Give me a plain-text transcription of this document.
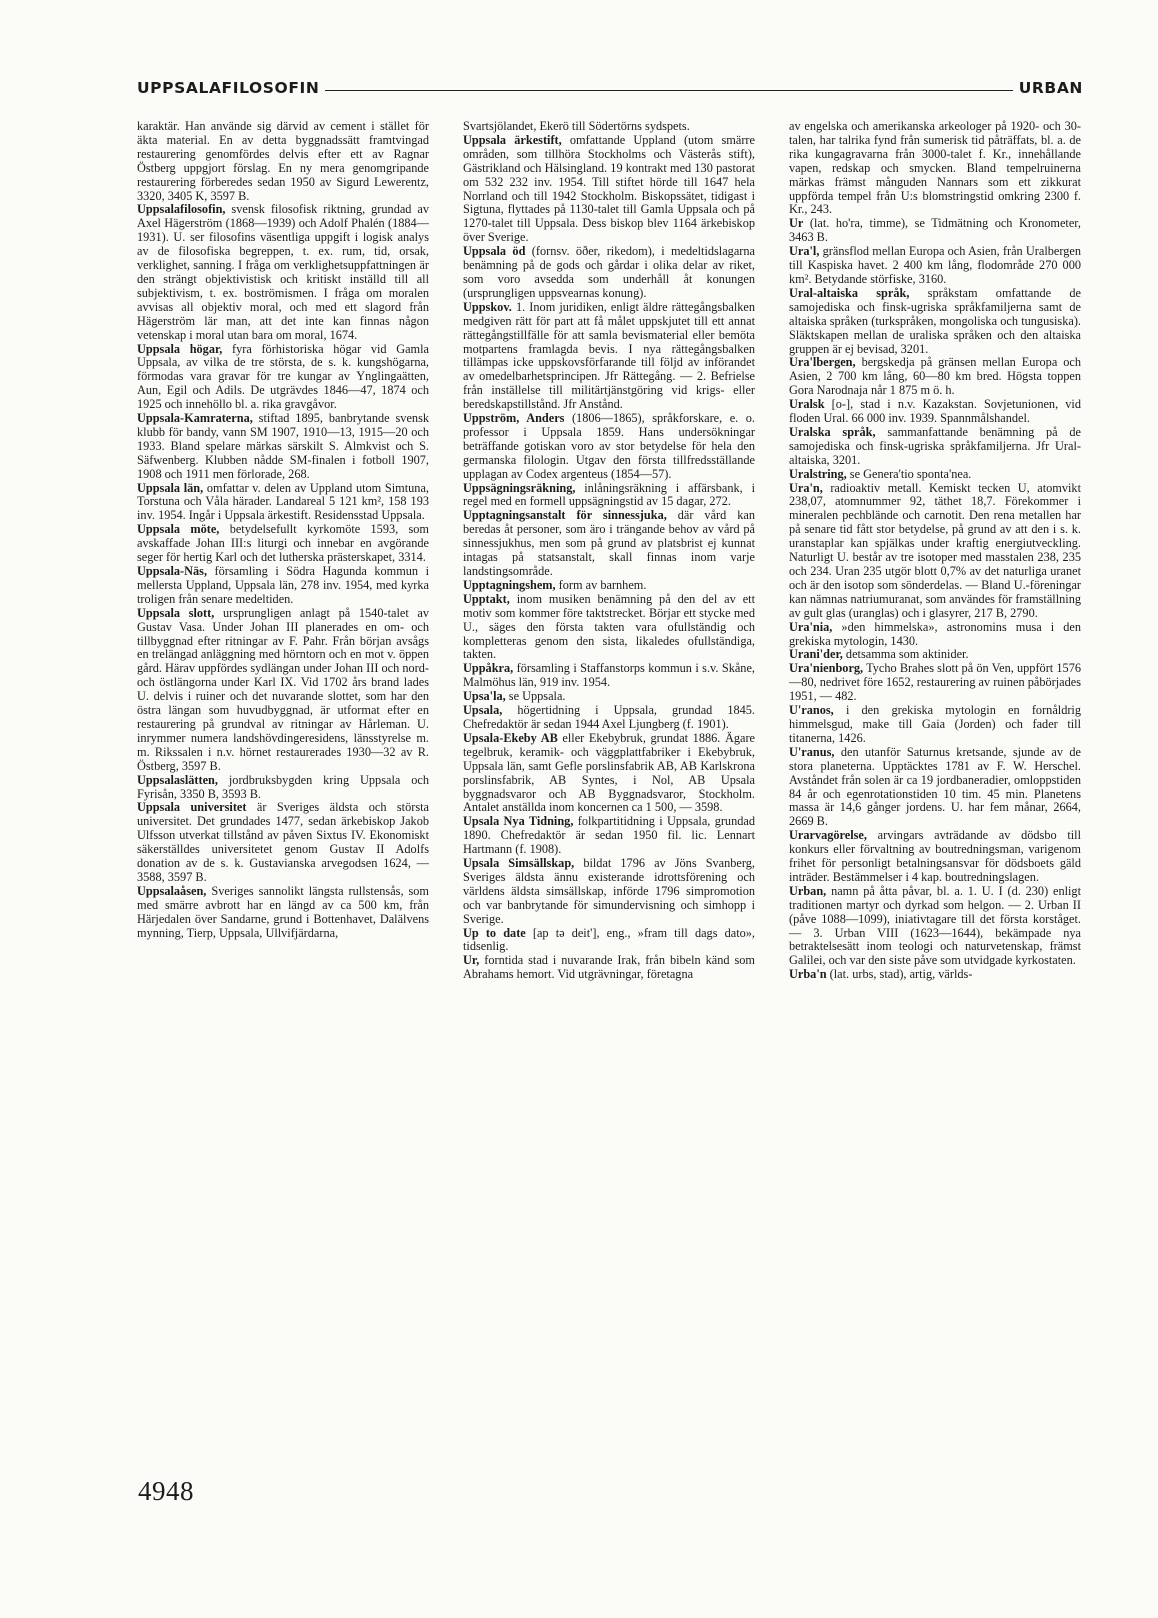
UPPSALAFILOSOFIN	URBAN

karaktär. Han använde sig därvid av cement i stället för äkta material. En av detta byggnadssätt framtvingad restaurering genomfördes delvis efter ett av Ragnar Östberg uppgjort förslag. En ny mera genomgripande restaurering förberedes sedan 1950 av Sigurd Lewerentz, 3320, 3405 K, 3597 B.

Uppsalafilosofin, svensk filosofisk riktning, grundad av Axel Hägerström (1868—1939) och Adolf Phalén (1884—1931). U. ser filosofins väsentliga uppgift i logisk analys av de filosofiska begreppen, t. ex. rum, tid, orsak, verklighet, sanning. I fråga om verklighetsuppfattningen är den strängt objektivistisk och kritiskt inställd till all subjektivism, t. ex. boströmismen. I fråga om moralen avvisas all objektiv moral, och med ett slagord från Hägerström lär man, att det inte kan finnas någon vetenskap i moral utan bara om moral, 1674.

Uppsala högar, fyra förhistoriska högar vid Gamla Uppsala, av vilka de tre största, de s. k. kungshögarna, förmodas vara gravar för tre kungar av Ynglingaätten, Aun, Egil och Adils. De utgrävdes 1846—47, 1874 och 1925 och innehöllo bl. a. rika gravgåvor.

Uppsala-Kamraterna, stiftad 1895, banbrytande svensk klubb för bandy, vann SM 1907, 1910—13, 1915—20 och 1933. Bland spelare märkas särskilt S. Almkvist och S. Säfwenberg. Klubben nådde SM-finalen i fotboll 1907, 1908 och 1911 men förlorade, 268.

Uppsala län, omfattar v. delen av Uppland utom Simtuna, Torstuna och Våla härader. Landareal 5 121 km², 158 193 inv. 1954. Ingår i Uppsala ärkestift. Residensstad Uppsala.

Uppsala möte, betydelsefullt kyrkomöte 1593, som avskaffade Johan III:s liturgi och innebar en avgörande seger för hertig Karl och det lutherska prästerskapet, 3314.

Uppsala-Näs, församling i Södra Hagunda kommun i mellersta Uppland, Uppsala län, 278 inv. 1954, med kyrka troligen från senare medeltiden.

Uppsala slott, ursprungligen anlagt på 1540-talet av Gustav Vasa. Under Johan III planerades en om- och tillbyggnad efter ritningar av F. Pahr. Från början avsågs en trelängad anläggning med hörntorn och en mot v. öppen gård. Härav uppfördes sydlängan under Johan III och nord- och östlängorna under Karl IX. Vid 1702 års brand lades U. delvis i ruiner och det nuvarande slottet, som har den östra längan som huvudbyggnad, är utformat efter en restaurering på grundval av ritningar av Hårleman. U. inrymmer numera landshövdingeresidens, länsstyrelse m. m. Rikssalen i n.v. hörnet restaurerades 1930—32 av R. Östberg, 3597 B.

Uppsalaslätten, jordbruksbygden kring Uppsala och Fyrisån, 3350 B, 3593 B.

Uppsala universitet är Sveriges äldsta och största universitet. Det grundades 1477, sedan ärkebiskop Jakob Ulfsson utverkat tillstånd av påven Sixtus IV. Ekonomiskt säkerställdes universitetet genom Gustav II Adolfs donation av de s. k. Gustavianska arvegodsen 1624, — 3588, 3597 B.

Uppsalaåsen, Sveriges sannolikt längsta rullstensås, som med smärre avbrott har en längd av ca 500 km, från Härjedalen över Sandarne, grund i Bottenhavet, Dalälvens mynning, Tierp, Uppsala, Ullvifjärdarna,

Svartsjölandet, Ekerö till Södertörns sydspets.

Uppsala ärkestift, omfattande Uppland (utom smärre områden, som tillhöra Stockholms och Västerås stift), Gästrikland och Hälsingland. 19 kontrakt med 130 pastorat om 532 232 inv. 1954. Till stiftet hörde till 1647 hela Norrland och till 1942 Stockholm. Biskopssätet, tidigast i Sigtuna, flyttades på 1130-talet till Gamla Uppsala och på 1270-talet till Uppsala. Dess biskop blev 1164 ärkebiskop över Sverige.

Uppsala öd (fornsv. öðer, rikedom), i medeltidslagarna benämning på de gods och gårdar i olika delar av riket, som voro avsedda som underhåll åt konungen (ursprungligen uppsvearnas konung).

Uppskov. 1. Inom juridiken, enligt äldre rättegångsbalken medgiven rätt för part att få målet uppskjutet till ett annat rättegångstillfälle för att samla bevismaterial eller bemöta motpartens framlagda bevis. I nya rättegångsbalken tillämpas icke uppskovsförfarande till följd av införandet av omedelbarhetsprincipen. Jfr Rättegång. — 2. Befrielse från inställelse till militärtjänstgöring vid krigs- eller beredskapstillstånd. Jfr Anstånd.

Uppström, Anders (1806—1865), språkforskare, e. o. professor i Uppsala 1859. Hans undersökningar beträffande gotiskan voro av stor betydelse för hela den germanska filologin. Utgav den första tillfredsställande upplagan av Codex argenteus (1854—57).

Uppsägningsräkning, inlåningsräkning i affärsbank, i regel med en formell uppsägningstid av 15 dagar, 272.

Upptagningsanstalt för sinnessjuka, där vård kan beredas åt personer, som äro i trängande behov av vård på sinnessjukhus, men som på grund av platsbrist ej kunnat intagas på statsanstalt, skall finnas inom varje landstingsområde.

Upptagningshem, form av barnhem.

Upptakt, inom musiken benämning på den del av ett motiv som kommer före taktstrecket. Börjar ett stycke med U., säges den första takten vara ofullständig och kompletteras genom den sista, likaledes ofullständiga, takten.

Uppåkra, församling i Staffanstorps kommun i s.v. Skåne, Malmöhus län, 919 inv. 1954.

Upsa'la, se Uppsala.

Upsala, högertidning i Uppsala, grundad 1845. Chefredaktör är sedan 1944 Axel Ljungberg (f. 1901).

Upsala-Ekeby AB eller Ekebybruk, grundat 1886. Ägare tegelbruk, keramik- och väggplattfabriker i Ekebybruk, Uppsala län, samt Gefle porslinsfabrik AB, AB Karlskrona porslinsfabrik, AB Syntes, i Nol, AB Upsala byggnadsvaror och AB Byggnadsvaror, Stockholm. Antalet anställda inom koncernen ca 1 500, — 3598.

Upsala Nya Tidning, folkpartitidning i Uppsala, grundad 1890. Chefredaktör är sedan 1950 fil. lic. Lennart Hartmann (f. 1908).

Upsala Simsällskap, bildat 1796 av Jöns Svanberg, Sveriges äldsta ännu existerande idrottsförening och världens äldsta simsällskap, införde 1796 simpromotion och var banbrytande för simundervisning och simhopp i Sverige.

Up to date [ap tə deit'], eng., »fram till dags dato», tidsenlig.

Ur, forntida stad i nuvarande Irak, från bibeln känd som Abrahams hemort. Vid utgrävningar, företagna

av engelska och amerikanska arkeologer på 1920- och 30-talen, har talrika fynd från sumerisk tid påträffats, bl. a. de rika kungagravarna från 3000-talet f. Kr., innehållande vapen, redskap och smycken. Bland tempelruinerna märkas främst månguden Nannars som ett zikkurat uppförda tempel från U:s blomstringstid omkring 2300 f. Kr., 243.

Ur (lat. ho'ra, timme), se Tidmätning och Kronometer, 3463 B.

Ura'l, gränsflod mellan Europa och Asien, från Uralbergen till Kaspiska havet. 2 400 km lång, flodområde 270 000 km². Betydande störfiske, 3160.

Ural-altaiska språk, språkstam omfattande de samojediska och finsk-ugriska språkfamiljerna samt de altaiska språken (turkspråken, mongoliska och tungusiska). Släktskapen mellan de uraliska språken och den altaiska gruppen är ej bevisad, 3201.

Ura'lbergen, bergskedja på gränsen mellan Europa och Asien, 2 700 km lång, 60—80 km bred. Högsta toppen Gora Narodnaja når 1 875 m ö. h.

Uralsk [o-], stad i n.v. Kazakstan. Sovjetunionen, vid floden Ural. 66 000 inv. 1939. Spannmålshandel.

Uralska språk, sammanfattande benämning på de samojediska och finsk-ugriska språkfamiljerna. Jfr Ural-altaiska, 3201.

Uralstring, se Genera'tio sponta'nea.

Ura'n, radioaktiv metall. Kemiskt tecken U, atomvikt 238,07, atomnummer 92, täthet 18,7. Förekommer i mineralen pechblände och carnotit. Den rena metallen har på senare tid fått stor betydelse, på grund av att den i s. k. uranstaplar kan spjälkas under kraftig energiutveckling. Naturligt U. består av tre isotoper med masstalen 238, 235 och 234. Uran 235 utgör blott 0,7% av det naturliga uranet och är den isotop som sönderdelas. — Bland U.-föreningar kan nämnas natriumuranat, som användes för framställning av gult glas (uranglas) och i glasyrer, 217 B, 2790.

Ura'nia, »den himmelska», astronomins musa i den grekiska mytologin, 1430.

Urani'der, detsamma som aktinider.

Ura'nienborg, Tycho Brahes slott på ön Ven, uppfört 1576—80, nedrivet före 1652, restaurering av ruinen påbörjades 1951, — 482.

U'ranos, i den grekiska mytologin en fornåldrig himmelsgud, make till Gaia (Jorden) och fader till titanerna, 1426.

U'ranus, den utanför Saturnus kretsande, sjunde av de stora planeterna. Upptäcktes 1781 av F. W. Herschel. Avståndet från solen är ca 19 jordbaneradier, omloppstiden 84 år och egenrotationstiden 10 tim. 45 min. Planetens massa är 14,6 gånger jordens. U. har fem månar, 2664, 2669 B.

Urarvagörelse, arvingars avträdande av dödsbo till konkurs eller förvaltning av boutredningsman, varigenom frihet för personligt betalningsansvar för dödsboets gäld inträder. Bestämmelser i 4 kap. boutredningslagen.

Urban, namn på åtta påvar, bl. a. 1. U. I (d. 230) enligt traditionen martyr och dyrkad som helgon. — 2. Urban II (påve 1088—1099), iniativtagare till det första korståget. — 3. Urban VIII (1623—1644), bekämpade nya betraktelsesätt inom teologi och naturvetenskap, främst Galilei, och var den siste påve som utvidgade kyrkostaten.

Urba'n (lat. urbs, stad), artig, världs-

4948
